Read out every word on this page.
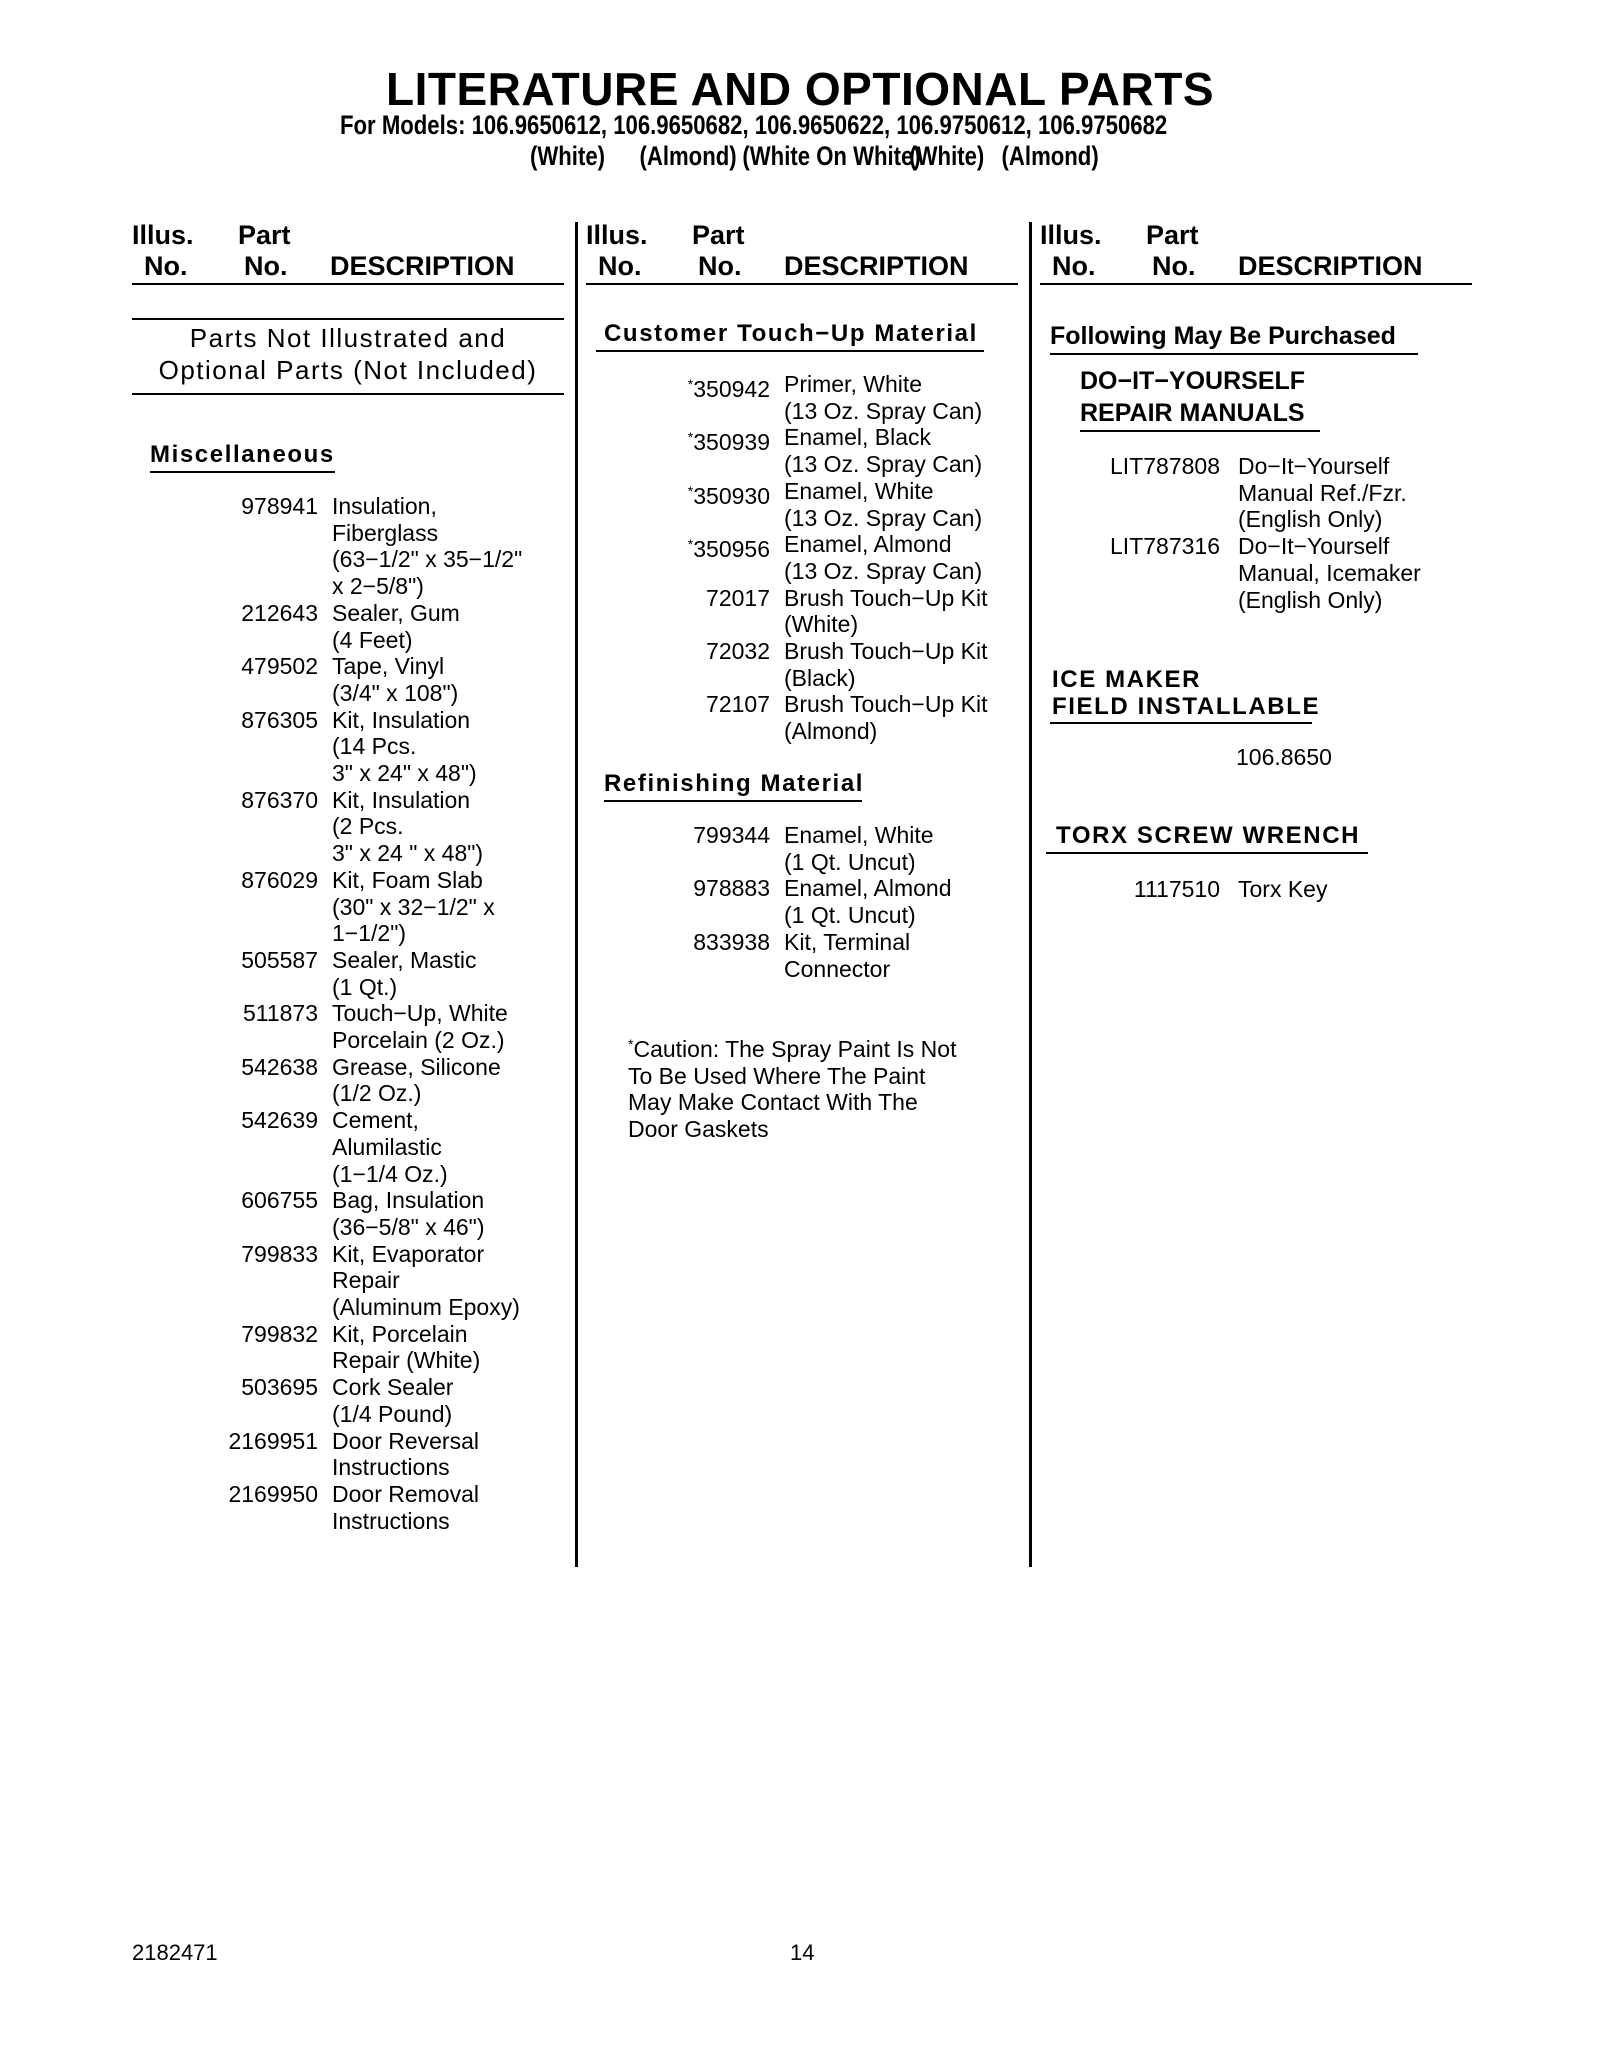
LITERATURE AND OPTIONAL PARTS
For Models: 106.9650612, 106.9650682, 106.9650622, 106.9750612, 106.9750682
(White) (Almond) (White On White) (White) (Almond)
Illus.
No.
Part
No. DESCRIPTION
Illus.
No.
Part
No. DESCRIPTION
Illus.
No.
Part
No. DESCRIPTION
Parts Not Illustrated and
Optional Parts (Not Included)
Miscellaneous
978941 Insulation,
Fiberglass
(63−1/2" x 35−1/2"
x 2−5/8")
212643 Sealer, Gum
(4 Feet)
479502 Tape, Vinyl
(3/4" x 108")
876305 Kit, Insulation
(14 Pcs.
3" x 24" x 48")
876370 Kit, Insulation
(2 Pcs.
3" x 24 " x 48")
876029 Kit, Foam Slab
(30" x 32−1/2" x
1−1/2")
505587 Sealer, Mastic
(1 Qt.)
511873 Touch−Up, White
Porcelain (2 Oz.)
542638 Grease, Silicone
(1/2 Oz.)
542639 Cement,
Alumilastic
(1−1/4 Oz.)
606755 Bag, Insulation
(36−5/8" x 46")
799833 Kit, Evaporator
Repair
(Aluminum Epoxy)
799832 Kit, Porcelain
Repair (White)
503695 Cork Sealer
(1/4 Pound)
2169951 Door Reversal
Instructions
2169950 Door Removal
Instructions
Customer Touch−Up Material
*350942 Primer, White
(13 Oz. Spray Can)
*350939 Enamel, Black
(13 Oz. Spray Can)
*350930 Enamel, White
(13 Oz. Spray Can)
*350956 Enamel, Almond
(13 Oz. Spray Can)
72017 Brush Touch−Up Kit
(White)
72032 Brush Touch−Up Kit
(Black)
72107 Brush Touch−Up Kit
(Almond)
Refinishing Material
799344 Enamel, White
(1 Qt. Uncut)
978883 Enamel, Almond
(1 Qt. Uncut)
833938 Kit, Terminal
Connector
*Caution: The Spray Paint Is Not
To Be Used Where The Paint
May Make Contact With The
Door Gaskets
Following May Be Purchased
DO−IT−YOURSELF
REPAIR MANUALS
LIT787808 Do−It−Yourself
Manual Ref./Fzr.
(English Only)
LIT787316 Do−It−Yourself
Manual, Icemaker
(English Only)
ICE MAKER
FIELD INSTALLABLE
106.8650
TORX SCREW WRENCH
1117510 Torx Key
2182471	14
